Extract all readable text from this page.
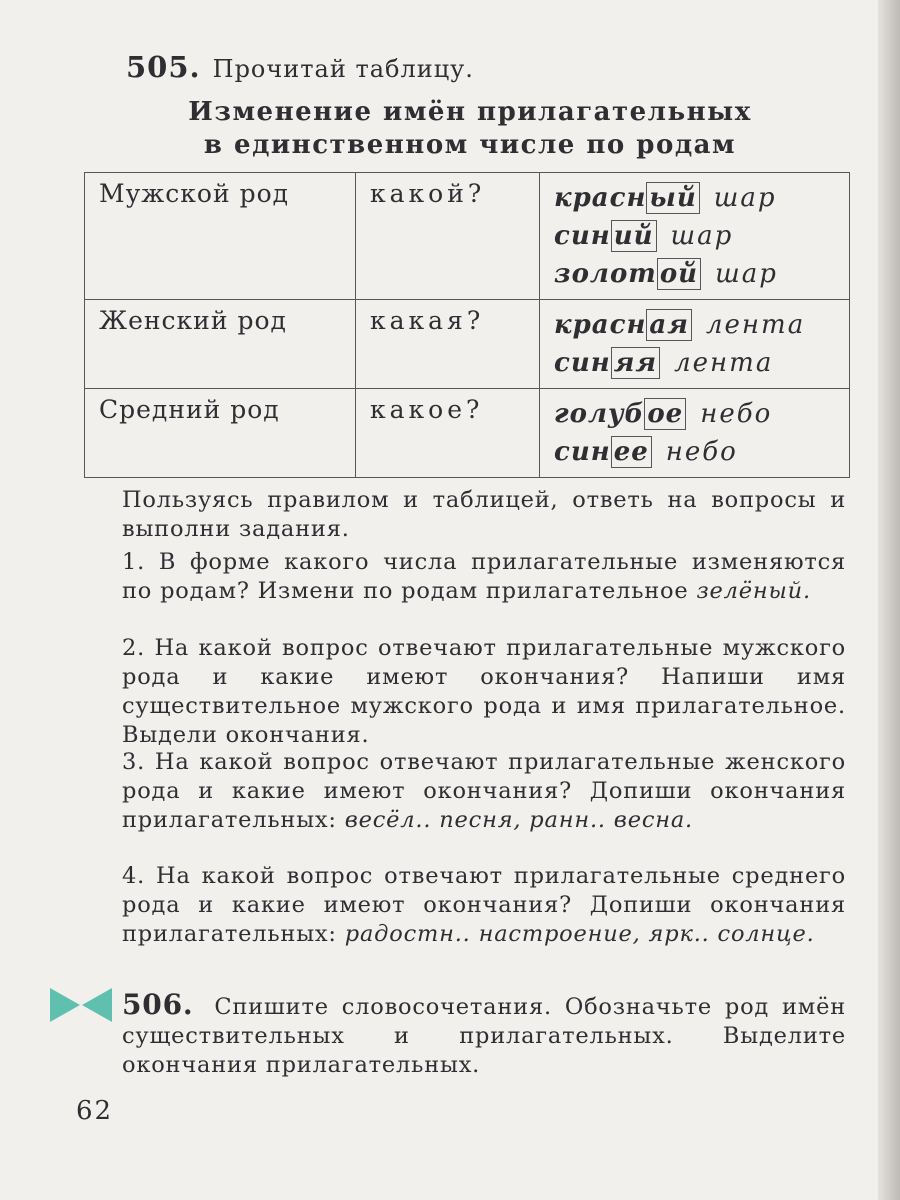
505. Прочитай таблицу.
Изменение имён прилагательных
в единственном числе по родам
Мужской род	какой?	красн ый шар
син ий шар
золот ой шар

Женский род	какая?	красн ая лента
син яя лента

Средний род	какое?	голуб ое небо
син ее небо
Пользуясь правилом и таблицей, ответь на вопросы и выполни задания.
1. В форме какого числа прилагательные изменяются по родам? Измени по родам прилагательное зелёный.
2. На какой вопрос отвечают прилагательные мужского рода и какие имеют окончания? Напиши имя существительное мужского рода и имя прилагательное. Выдели окончания.
3. На какой вопрос отвечают прилагательные женского рода и какие имеют окончания? Допиши окончания прилагательных: весёл.. песня, ранн.. весна.
4. На какой вопрос отвечают прилагательные среднего рода и какие имеют окончания? Допиши окончания прилагательных: радостн.. настроение, ярк.. солнце.
506. Спишите словосочетания. Обозначьте род имён существительных и прилагательных. Выделите окончания прилагательных.
62
